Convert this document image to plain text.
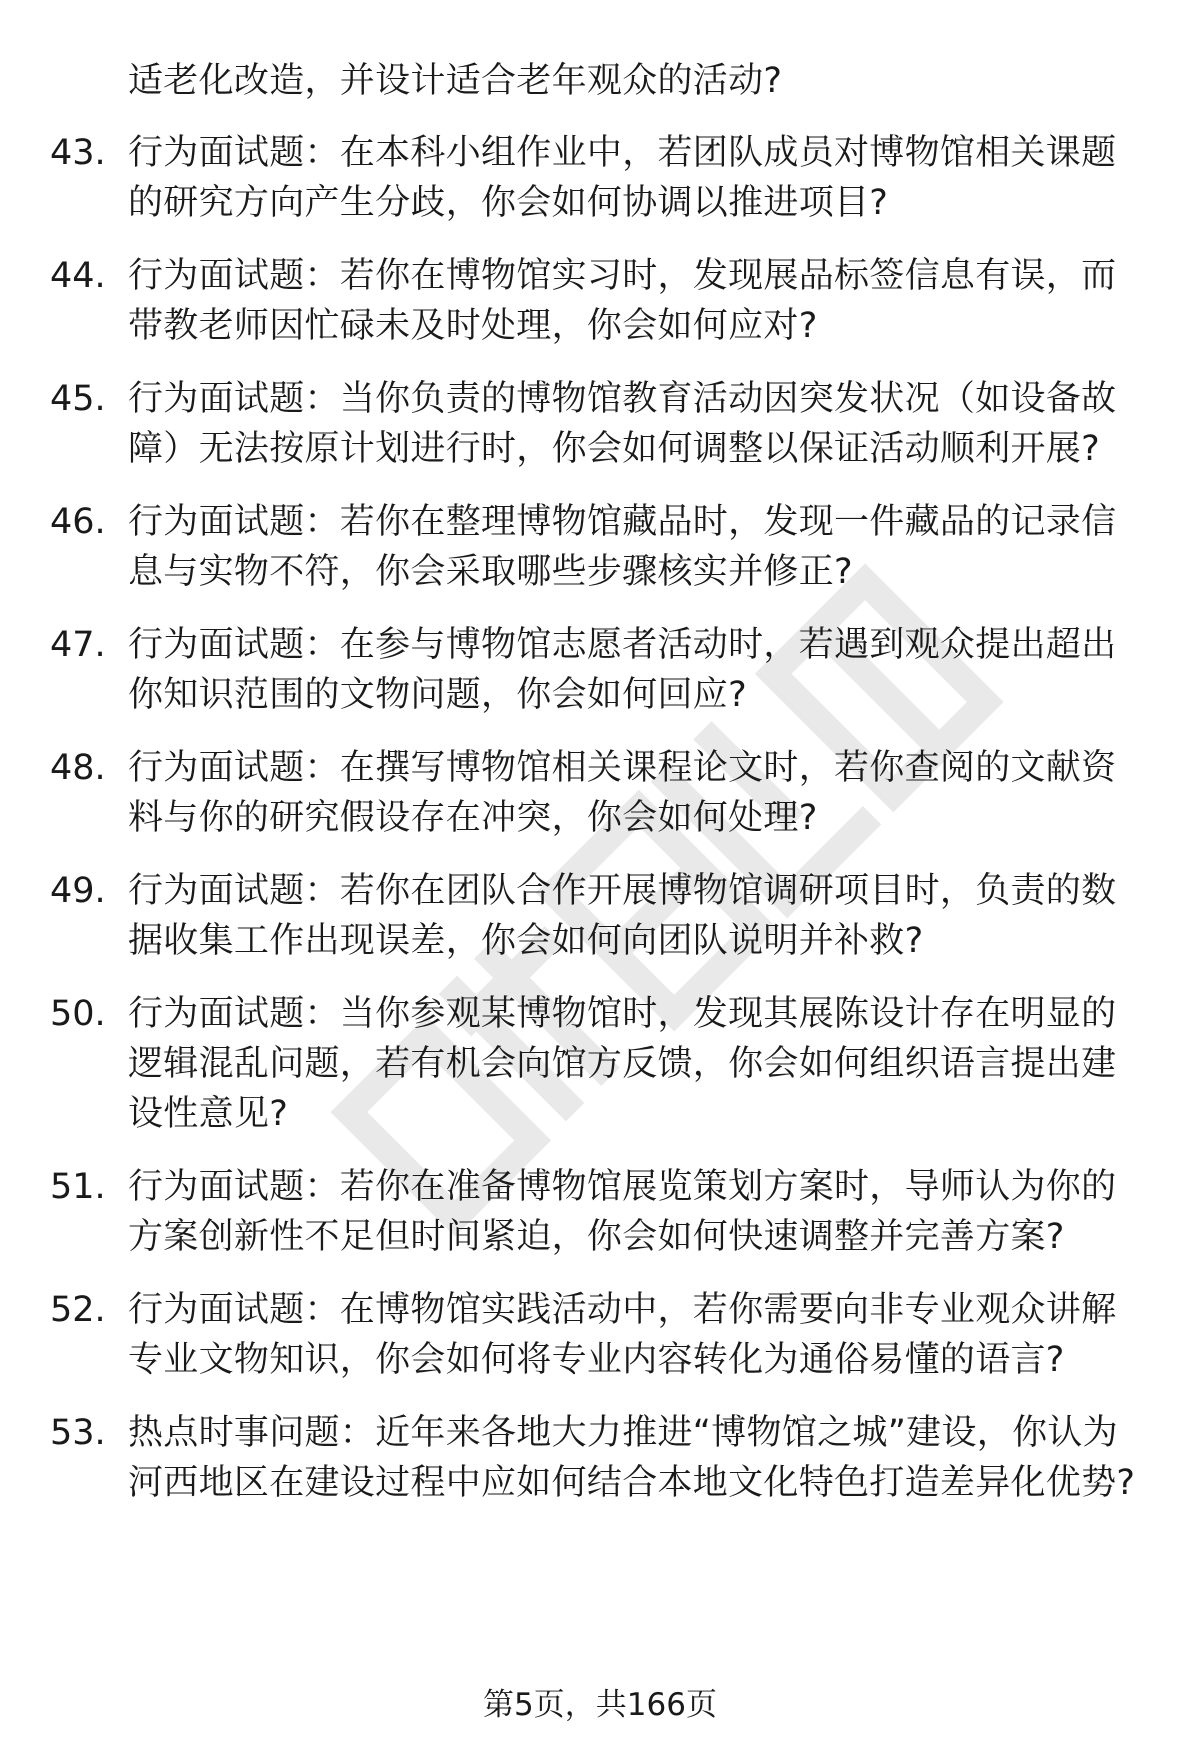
适老化改造，并设计适合老年观众的活动?

43. 行为面试题：在本科小组作业中，若团队成员对博物馆相关课题的研究方向产生分歧，你会如何协调以推进项目?
44. 行为面试题：若你在博物馆实习时，发现展品标签信息有误，而带教老师因忙碌未及时处理，你会如何应对?
45. 行为面试题：当你负责的博物馆教育活动因突发状况（如设备故障）无法按原计划进行时，你会如何调整以保证活动顺利开展?
46. 行为面试题：若你在整理博物馆藏品时，发现一件藏品的记录信息与实物不符，你会采取哪些步骤核实并修正?
47. 行为面试题：在参与博物馆志愿者活动时，若遇到观众提出超出你知识范围的文物问题，你会如何回应?
48. 行为面试题：在撰写博物馆相关课程论文时，若你查阅的文献资料与你的研究假设存在冲突，你会如何处理?
49. 行为面试题：若你在团队合作开展博物馆调研项目时，负责的数据收集工作出现误差，你会如何向团队说明并补救?
50. 行为面试题：当你参观某博物馆时，发现其展陈设计存在明显的逻辑混乱问题，若有机会向馆方反馈，你会如何组织语言提出建设性意见?
51. 行为面试题：若你在准备博物馆展览策划方案时，导师认为你的方案创新性不足但时间紧迫，你会如何快速调整并完善方案?
52. 行为面试题：在博物馆实践活动中，若你需要向非专业观众讲解专业文物知识，你会如何将专业内容转化为通俗易懂的语言?
53. 热点时事问题：近年来各地大力推进“博物馆之城”建设，你认为河西地区在建设过程中应如何结合本地文化特色打造差异化优势?
第5页，共166页
